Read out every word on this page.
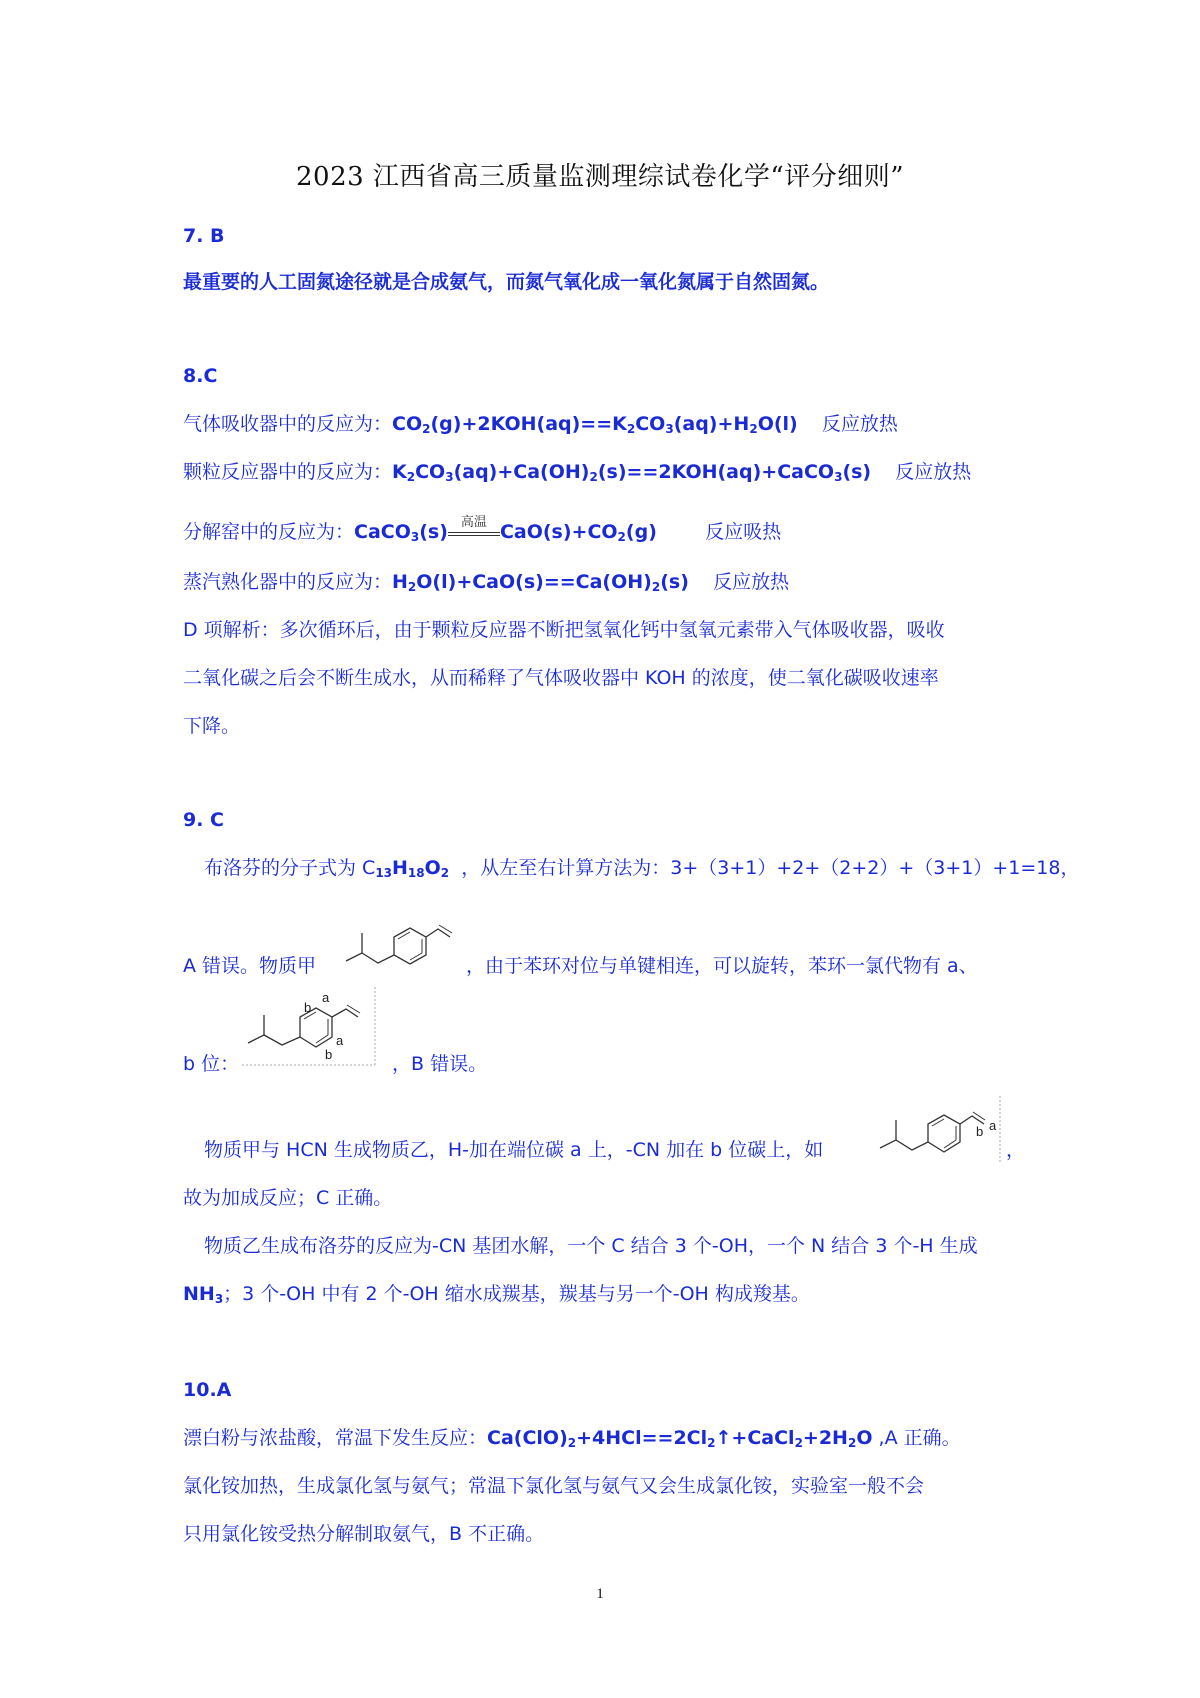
2023 江西省高三质量监测理综试卷化学“评分细则”

7. B

最重要的人工固氮途径就是合成氨气，而氮气氧化成一氧化氮属于自然固氮。

8.C

气体吸收器中的反应为：$CO_2(g)+2KOH(aq)==K_2CO_3(aq)+H_2O(l)$ 反应放热

颗粒反应器中的反应为：$K_2CO_3(aq)+Ca(OH)_2(s)==2KOH(aq)+CaCO_3(s)$ 反应放热

分解窑中的反应为：CaCO$_3$(s) 高温 $CaO(s)+CO_2(g)$	反应吸热

蒸汽熟化器中的反应为：$H_2O(l)+CaO(s)==Ca(OH)_2(s)$ 反应放热

D 项解析：多次循环后，由于颗粒反应器不断把氢氧化钙中氢氧元素带入气体吸收器，吸收

二氧化碳之后会不断生成水，从而稀释了气体吸收器中 KOH 的浓度，使二氧化碳吸收速率

下降。

9. C

布洛芬的分子式为 $C_{13}H_{18}O_2$ ，从左至右计算方法为：3+（3+1）+2+（2+2）+（3+1）+1=18，

A 错误。物质甲	，由于苯环对位与单键相连，可以旋转，苯环一氯代物有 a、

b 位：

a
b
a
b	，B 错误。

物质甲与 HCN 生成物质乙，H-加在端位碳 a 上，-CN 加在 b 位碳上，如

b a

，

故为加成反应；C 正确。

物质乙生成布洛芬的反应为-CN 基团水解，一个 C 结合 3 个-OH，一个 N 结合 3 个-H 生成

$NH_3$；3 个-OH 中有 2 个-OH 缩水成羰基，羰基与另一个-OH 构成羧基。

10.A

漂白粉与浓盐酸，常温下发生反应：$Ca(ClO)_2+4HCl==2Cl_2↑+CaCl_2+2H_2O$ ,A 正确。

氯化铵加热，生成氯化氢与氨气；常温下氯化氢与氨气又会生成氯化铵，实验室一般不会

只用氯化铵受热分解制取氨气，B 不正确。

1
